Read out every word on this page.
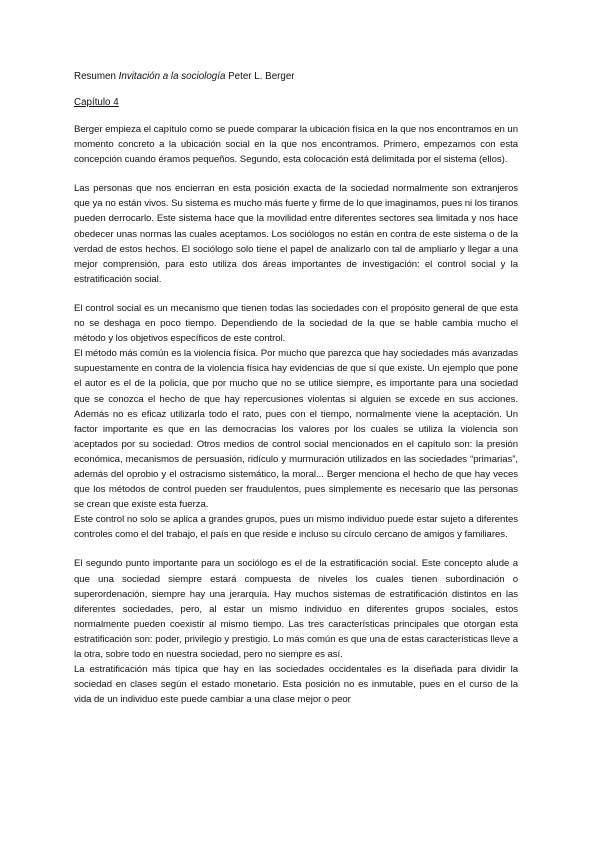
Resumen Invitación a la sociología Peter L. Berger
Capítulo 4

Berger empieza el capítulo como se puede comparar la ubicación física en la que nos encontramos en un momento concreto a la ubicación social en la que nos encontramos. Primero, empezamos con esta concepción cuando éramos pequeños. Segundo, esta colocación está delimitada por el sistema (ellos).

Las personas que nos encierran en esta posición exacta de la sociedad normalmente son extranjeros que ya no están vivos. Su sistema es mucho más fuerte y firme de lo que imaginamos, pues ni los tiranos pueden derrocarlo. Este sistema hace que la movilidad entre diferentes sectores sea limitada y nos hace obedecer unas normas las cuales aceptamos. Los sociólogos no están en contra de este sistema o de la verdad de estos hechos. El sociólogo solo tiene el papel de analizarlo con tal de ampliarlo y llegar a una mejor comprensión, para esto utiliza dos áreas importantes de investigación: el control social y la estratificación social.

El control social es un mecanismo que tienen todas las sociedades con el propósito general de que esta no se deshaga en poco tiempo. Dependiendo de la sociedad de la que se hable cambia mucho el método y los objetivos específicos de este control.

El método más común es la violencia física. Por mucho que parezca que hay sociedades más avanzadas supuestamente en contra de la violencia física hay evidencias de que sí que existe. Un ejemplo que pone el autor es el de la policía, que por mucho que no se utilice siempre, es importante para una sociedad que se conozca el hecho de que hay repercusiones violentas si alguien se excede en sus acciones. Además no es eficaz utilizarla todo el rato, pues con el tiempo, normalmente viene la aceptación. Un factor importante es que en las democracias los valores por los cuales se utiliza la violencia son aceptados por su sociedad. Otros medios de control social mencionados en el capítulo son: la presión económica, mecanismos de persuasión, ridículo y murmuración utilizados en las sociedades “primarias”, además del oprobio y el ostracismo sistemático, la moral... Berger menciona el hecho de que hay veces que los métodos de control pueden ser fraudulentos, pues simplemente es necesario que las personas se crean que existe esta fuerza.

Este control no solo se aplica a grandes grupos, pues un mismo individuo puede estar sujeto a diferentes controles como el del trabajo, el país en que reside e incluso su círculo cercano de amigos y familiares.

El segundo punto importante para un sociólogo es el de la estratificación social. Este concepto alude a que una sociedad siempre estará compuesta de niveles los cuales tienen subordinación o superordenación, siempre hay una jerarquía. Hay muchos sistemas de estratificación distintos en las diferentes sociedades, pero, al estar un mismo individuo en diferentes grupos sociales, estos normalmente pueden coexistir al mismo tiempo. Las tres características principales que otorgan esta estratificación son: poder, privilegio y prestigio. Lo más común es que una de estas características lleve a la otra, sobre todo en nuestra sociedad, pero no siempre es así.

La estratificación más típica que hay en las sociedades occidentales es la diseñada para dividir la sociedad en clases según el estado monetario. Esta posición no es inmutable, pues en el curso de la vida de un individuo este puede cambiar a una clase mejor o peor
